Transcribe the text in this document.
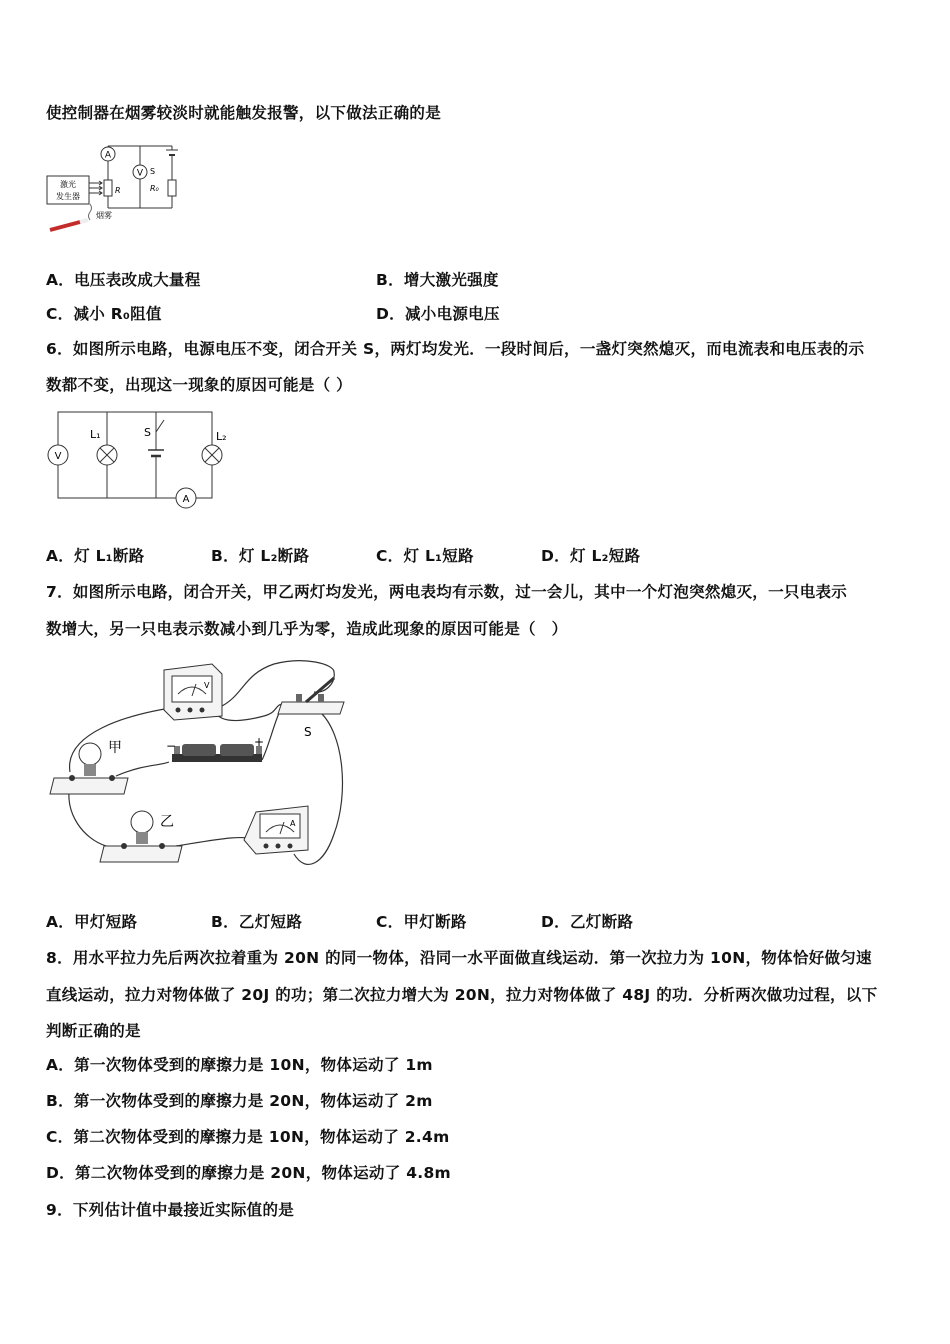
使控制器在烟雾较淡时就能触发报警，以下做法正确的是
A
V S
R	R₀
激光
发生器
烟雾
A．电压表改成大量程	B．增大激光强度
C．减小 R₀阻值	D．减小电源电压
6．如图所示电路，电源电压不变，闭合开关 S，两灯均发光．一段时间后，一盏灯突然熄灭，而电流表和电压表的示
数都不变，出现这一现象的原因可能是（ ）
V
L₁	S	L₂
A
A．灯 L₁断路	B．灯 L₂断路	C．灯 L₁短路	D．灯 L₂短路
7．如图所示电路，闭合开关，甲乙两灯均发光，两电表均有示数，过一会儿，其中一个灯泡突然熄灭，一只电表示
数增大，另一只电表示数减小到几乎为零，造成此现象的原因可能是（　）
V
S
−	+
甲
乙	A
A．甲灯短路	B．乙灯短路	C．甲灯断路	D．乙灯断路
8．用水平拉力先后两次拉着重为 20N 的同一物体，沿同一水平面做直线运动．第一次拉力为 10N，物体恰好做匀速
直线运动，拉力对物体做了 20J 的功；第二次拉力增大为 20N，拉力对物体做了 48J 的功．分析两次做功过程，以下
判断正确的是
A．第一次物体受到的摩擦力是 10N，物体运动了 1m
B．第一次物体受到的摩擦力是 20N，物体运动了 2m
C．第二次物体受到的摩擦力是 10N，物体运动了 2.4m
D．第二次物体受到的摩擦力是 20N，物体运动了 4.8m
9．下列估计值中最接近实际值的是
